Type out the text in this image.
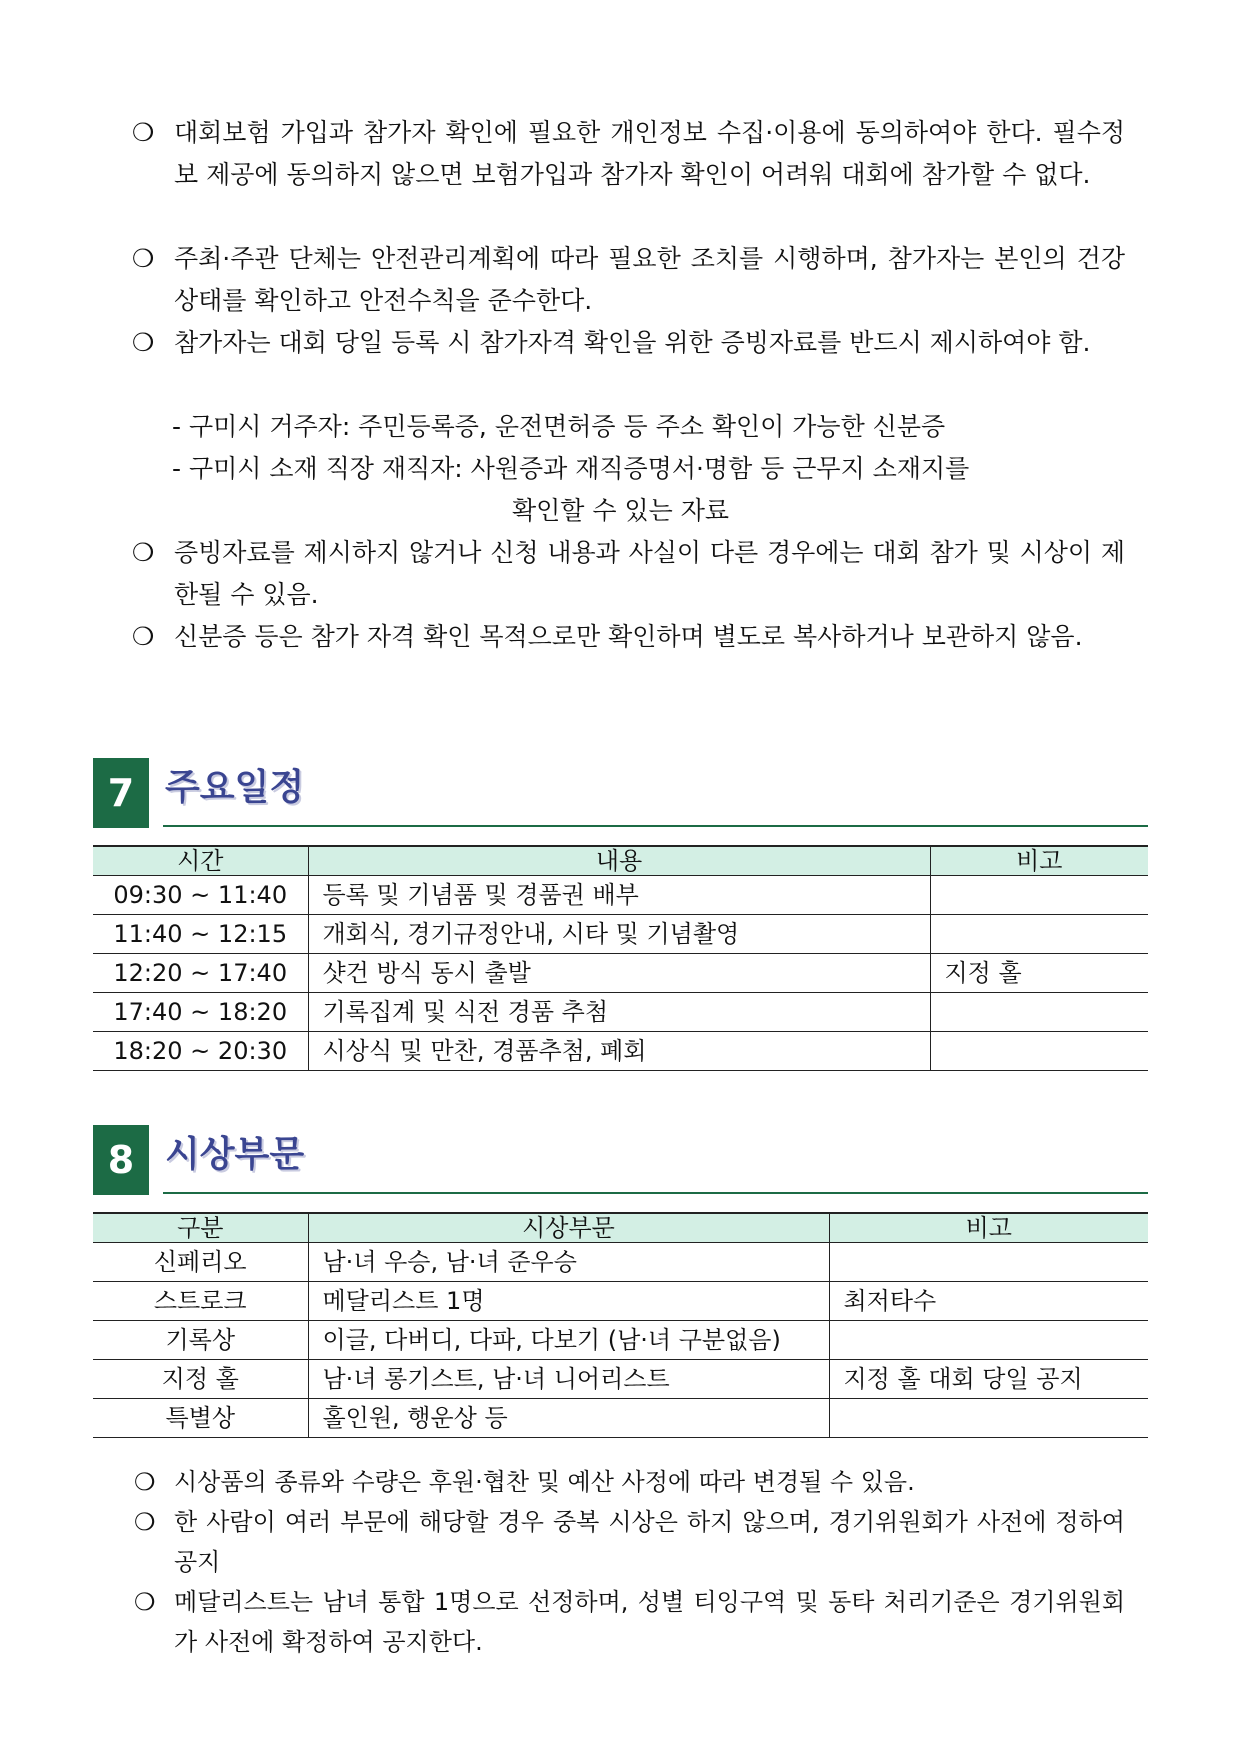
❍ 대회보험 가입과 참가자 확인에 필요한 개인정보 수집·이용에 동의하여야 한다. 필수정보 제공에 동의하지 않으면 보험가입과 참가자 확인이 어려워 대회에 참가할 수 없다.
❍ 주최·주관 단체는 안전관리계획에 따라 필요한 조치를 시행하며, 참가자는 본인의 건강상태를 확인하고 안전수칙을 준수한다.
❍ 참가자는 대회 당일 등록 시 참가자격 확인을 위한 증빙자료를 반드시 제시하여야 함.
- 구미시 거주자: 주민등록증, 운전면허증 등 주소 확인이 가능한 신분증
- 구미시 소재 직장 재직자: 사원증과 재직증명서·명함 등 근무지 소재지를
확인할 수 있는 자료
❍ 증빙자료를 제시하지 않거나 신청 내용과 사실이 다른 경우에는 대회 참가 및 시상이 제한될 수 있음.
❍ 신분증 등은 참가 자격 확인 목적으로만 확인하며 별도로 복사하거나 보관하지 않음.
7 주요일정
시간	내용	비고
09:30 ~ 11:40	등록 및 기념품 및 경품권 배부	
11:40 ~ 12:15	개회식, 경기규정안내, 시타 및 기념촬영	
12:20 ~ 17:40	샷건 방식 동시 출발	지정 홀
17:40 ~ 18:20	기록집계 및 식전 경품 추첨	
18:20 ~ 20:30	시상식 및 만찬, 경품추첨, 폐회	
8 시상부문
구분	시상부문	비고
신페리오	남·녀 우승, 남·녀 준우승	
스트로크	메달리스트 1명	최저타수
기록상	이글, 다버디, 다파, 다보기 (남·녀 구분없음)	
지정 홀	남·녀 롱기스트, 남·녀 니어리스트	지정 홀 대회 당일 공지
특별상	홀인원, 행운상 등	
❍ 시상품의 종류와 수량은 후원·협찬 및 예산 사정에 따라 변경될 수 있음.
❍ 한 사람이 여러 부문에 해당할 경우 중복 시상은 하지 않으며, 경기위원회가 사전에 정하여 공지
❍ 메달리스트는 남녀 통합 1명으로 선정하며, 성별 티잉구역 및 동타 처리기준은 경기위원회가 사전에 확정하여 공지한다.
